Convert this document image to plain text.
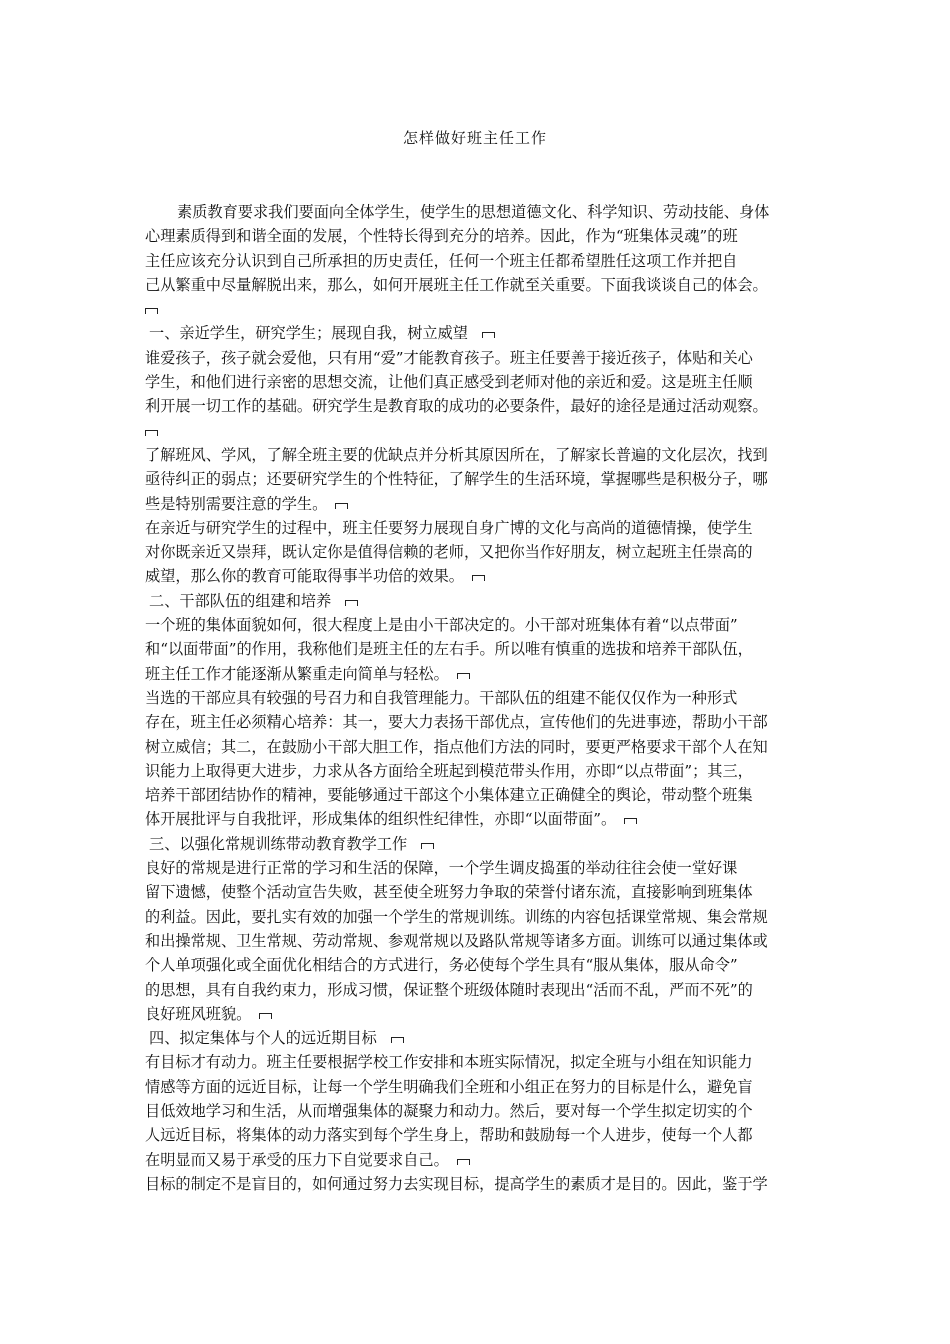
怎样做好班主任工作
素质教育要求我们要面向全体学生，使学生的思想道德文化、科学知识、劳动技能、身体
心理素质得到和谐全面的发展，个性特长得到充分的培养。因此，作为“班集体灵魂”的班
主任应该充分认识到自己所承担的历史责任，任何一个班主任都希望胜任这项工作并把自
己从繁重中尽量解脱出来，那么，如何开展班主任工作就至关重要。下面我谈谈自己的体会。
一、亲近学生，研究学生；展现自我，树立威望
谁爱孩子，孩子就会爱他，只有用“爱”才能教育孩子。班主任要善于接近孩子，体贴和关心
学生，和他们进行亲密的思想交流，让他们真正感受到老师对他的亲近和爱。这是班主任顺
利开展一切工作的基础。研究学生是教育取的成功的必要条件，最好的途径是通过活动观察。
了解班风、学风，了解全班主要的优缺点并分析其原因所在，了解家长普遍的文化层次，找到
亟待纠正的弱点；还要研究学生的个性特征，了解学生的生活环境，掌握哪些是积极分子，哪
些是特别需要注意的学生。
在亲近与研究学生的过程中，班主任要努力展现自身广博的文化与高尚的道德情操，使学生
对你既亲近又崇拜，既认定你是值得信赖的老师，又把你当作好朋友，树立起班主任崇高的
威望，那么你的教育可能取得事半功倍的效果。
二、干部队伍的组建和培养
一个班的集体面貌如何，很大程度上是由小干部决定的。小干部对班集体有着“以点带面”
和“以面带面”的作用，我称他们是班主任的左右手。所以唯有慎重的选拔和培养干部队伍，
班主任工作才能逐渐从繁重走向简单与轻松。
当选的干部应具有较强的号召力和自我管理能力。干部队伍的组建不能仅仅作为一种形式
存在，班主任必须精心培养：其一，要大力表扬干部优点，宣传他们的先进事迹，帮助小干部
树立威信；其二，在鼓励小干部大胆工作，指点他们方法的同时，要更严格要求干部个人在知
识能力上取得更大进步，力求从各方面给全班起到模范带头作用，亦即“以点带面”；其三，
培养干部团结协作的精神，要能够通过干部这个小集体建立正确健全的舆论，带动整个班集
体开展批评与自我批评，形成集体的组织性纪律性，亦即“以面带面”。
三、以强化常规训练带动教育教学工作
良好的常规是进行正常的学习和生活的保障，一个学生调皮捣蛋的举动往往会使一堂好课
留下遗憾，使整个活动宣告失败，甚至使全班努力争取的荣誉付诸东流，直接影响到班集体
的利益。因此，要扎实有效的加强一个学生的常规训练。训练的内容包括课堂常规、集会常规
和出操常规、卫生常规、劳动常规、参观常规以及路队常规等诸多方面。训练可以通过集体或
个人单项强化或全面优化相结合的方式进行，务必使每个学生具有“服从集体，服从命令”
的思想，具有自我约束力，形成习惯，保证整个班级体随时表现出“活而不乱，严而不死”的
良好班风班貌。
四、拟定集体与个人的远近期目标
有目标才有动力。班主任要根据学校工作安排和本班实际情况，拟定全班与小组在知识能力
情感等方面的远近目标，让每一个学生明确我们全班和小组正在努力的目标是什么，避免盲
目低效地学习和生活，从而增强集体的凝聚力和动力。然后，要对每一个学生拟定切实的个
人远近目标，将集体的动力落实到每个学生身上，帮助和鼓励每一个人进步，使每一个人都
在明显而又易于承受的压力下自觉要求自己。
目标的制定不是盲目的，如何通过努力去实现目标，提高学生的素质才是目的。因此，鉴于学
